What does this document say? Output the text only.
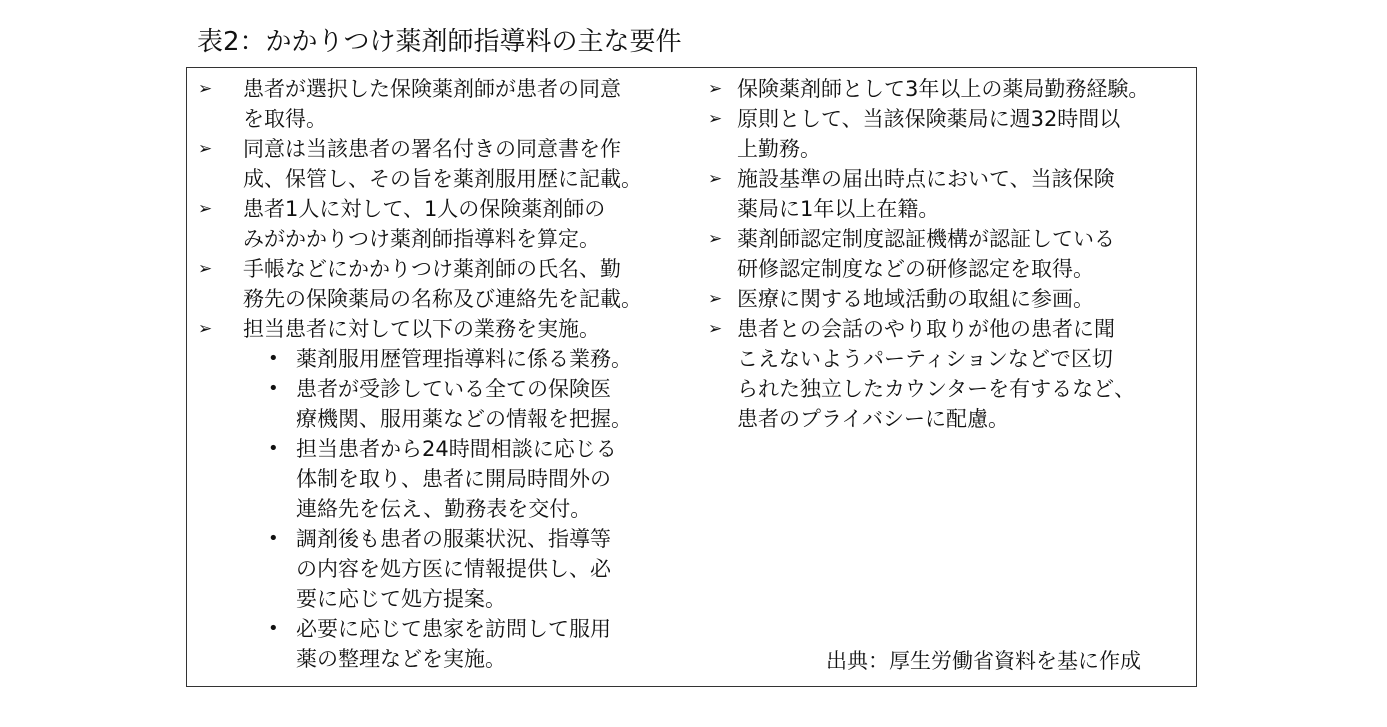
表2：かかりつけ薬剤師指導料の主な要件
➢ 患者が選択した保険薬剤師が患者の同意
を取得。
➢ 同意は当該患者の署名付きの同意書を作
成、保管し、その旨を薬剤服用歴に記載。
➢ 患者1人に対して、1人の保険薬剤師の
みがかかりつけ薬剤師指導料を算定。
➢ 手帳などにかかりつけ薬剤師の氏名、勤
務先の保険薬局の名称及び連絡先を記載。
➢ 担当患者に対して以下の業務を実施。
• 薬剤服用歴管理指導料に係る業務。
• 患者が受診している全ての保険医
療機関、服用薬などの情報を把握。
• 担当患者から24時間相談に応じる
体制を取り、患者に開局時間外の
連絡先を伝え、勤務表を交付。
• 調剤後も患者の服薬状況、指導等
の内容を処方医に情報提供し、必
要に応じて処方提案。
• 必要に応じて患家を訪問して服用
薬の整理などを実施。
➢ 保険薬剤師として3年以上の薬局勤務経験。
➢ 原則として、当該保険薬局に週32時間以
上勤務。
➢ 施設基準の届出時点において、当該保険
薬局に1年以上在籍。
➢ 薬剤師認定制度認証機構が認証している
研修認定制度などの研修認定を取得。
➢ 医療に関する地域活動の取組に参画。
➢ 患者との会話のやり取りが他の患者に聞
こえないようパーティションなどで区切
られた独立したカウンターを有するなど、
患者のプライバシーに配慮。
出典：厚生労働省資料を基に作成
